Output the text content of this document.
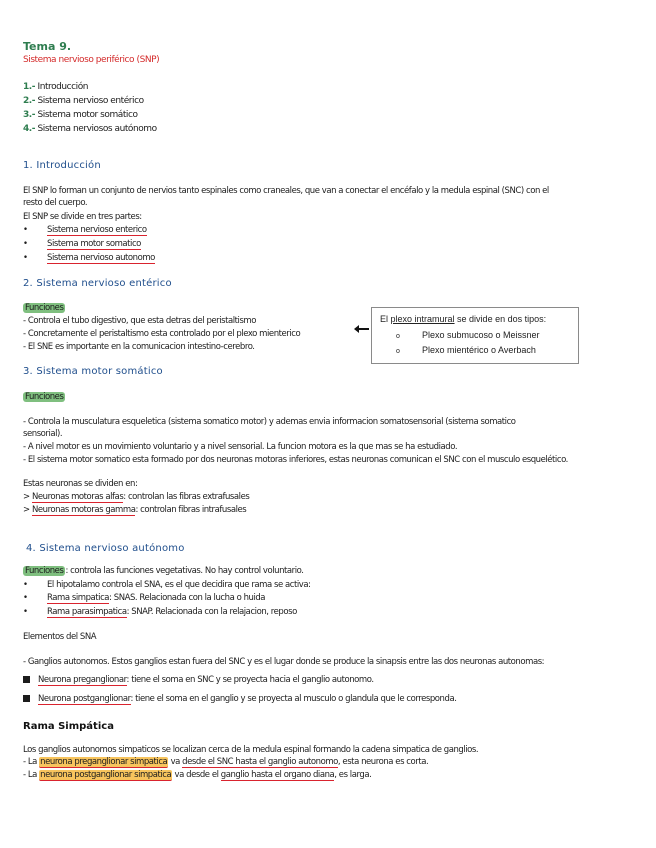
Tema 9.
Sistema nervioso periférico (SNP)
1.- Introducción
2.- Sistema nervioso entérico
3.- Sistema motor somático
4.- Sistema nerviosos autónomo
1. Introducción
El SNP lo forman un conjunto de nervios tanto espinales como craneales, que van a conectar el encéfalo y la medula espinal (SNC) con el
resto del cuerpo.
El SNP se divide en tres partes:
• Sistema nervioso enterico
• Sistema motor somatico
• Sistema nervioso autonomo
2. Sistema nervioso entérico
Funciones
- Controla el tubo digestivo, que esta detras del peristaltismo
- Concretamente el peristaltismo esta controlado por el plexo mienterico
- El SNE es importante en la comunicacion intestino-cerebro.
El plexo intramural se divide en dos tipos:
o Plexo submucoso o Meissner
o Plexo mientérico o Averbach
3. Sistema motor somático
Funciones
- Controla la musculatura esqueletica (sistema somatico motor) y ademas envia informacion somatosensorial (sistema somatico
sensorial).
- A nivel motor es un movimiento voluntario y a nivel sensorial. La funcion motora es la que mas se ha estudiado.
- El sistema motor somatico esta formado por dos neuronas motoras inferiores, estas neuronas comunican el SNC con el musculo esquelético.
Estas neuronas se dividen en:
> Neuronas motoras alfas: controlan las fibras extrafusales
> Neuronas motoras gamma: controlan fibras intrafusales
4. Sistema nervioso autónomo
Funciones : controla las funciones vegetativas. No hay control voluntario.
• El hipotalamo controla el SNA, es el que decidira que rama se activa:
• Rama simpatica: SNAS. Relacionada con la lucha o huida
• Rama parasimpatica: SNAP. Relacionada con la relajacion, reposo
Elementos del SNA
- Ganglios autonomos. Estos ganglios estan fuera del SNC y es el lugar donde se produce la sinapsis entre las dos neuronas autonomas:
Neurona preganglionar: tiene el soma en SNC y se proyecta hacia el ganglio autonomo.
Neurona postganglionar: tiene el soma en el ganglio y se proyecta al musculo o glandula que le corresponda.
Rama Simpática
Los ganglios autonomos simpaticos se localizan cerca de la medula espinal formando la cadena simpatica de ganglios.
- La neurona preganglionar simpatica va desde el SNC hasta el ganglio autonomo, esta neurona es corta.
- La neurona postganglionar simpatica va desde el ganglio hasta el organo diana, es larga.
